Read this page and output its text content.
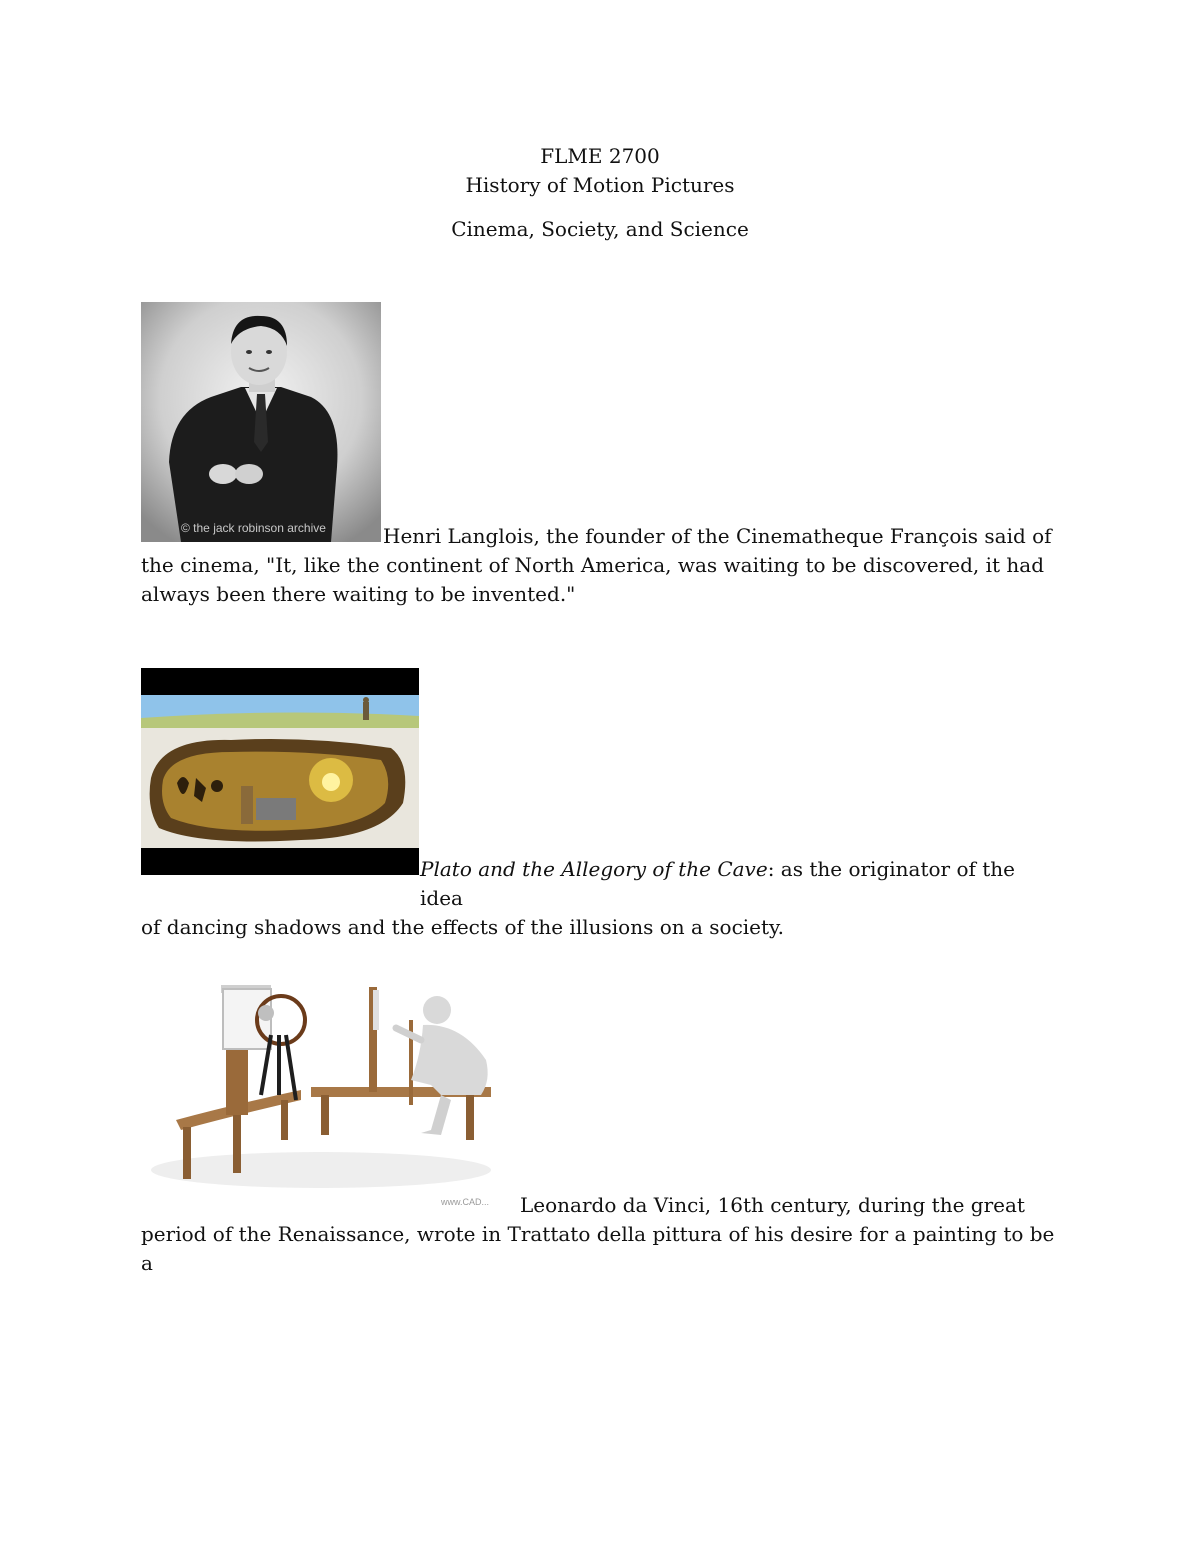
FLME 2700
History of Motion Pictures
Cinema, Society, and Science
© the jack robinson archive	Henri Langlois, the founder of the Cinematheque François said of
the cinema, "It, like the continent of North America, was waiting to be discovered, it had
always been there waiting to be invented."
Plato and the Allegory of the Cave: as the originator of the idea
of dancing shadows and the effects of the illusions on a society.
www.CAD...	Leonardo da Vinci, 16th century, during the great
period of the Renaissance, wrote in Trattato della pittura of his desire for a painting to be a
